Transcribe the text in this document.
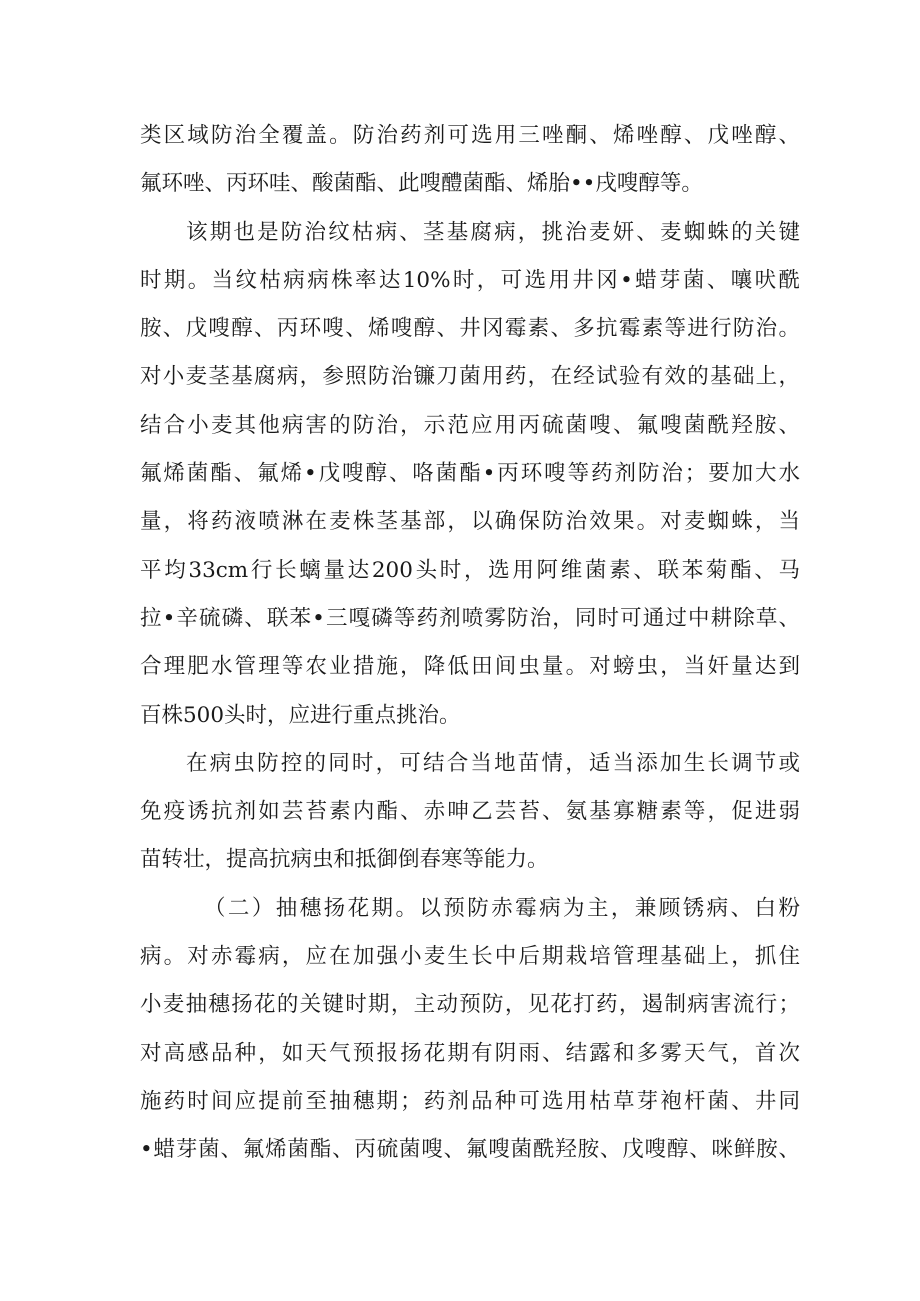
类区域防治全覆盖。防治药剂可选用三唑酮、烯唑醇、戊唑醇、
氟环唑、丙环哇、酸菌酯、此嗖醴菌酯、烯胎••戌嗖醇等。
该期也是防治纹枯病、茎基腐病，挑治麦妍、麦蜘蛛的关键
时期。当纹枯病病株率达10%时，可选用井冈•蜡芽菌、嚷吠酰
胺、戊嗖醇、丙环嗖、烯嗖醇、井冈霉素、多抗霉素等进行防治。
对小麦茎基腐病，参照防治镰刀菌用药，在经试验有效的基础上，
结合小麦其他病害的防治，示范应用丙硫菌嗖、氟嗖菌酰羟胺、
氟烯菌酯、氟烯•戊嗖醇、咯菌酯•丙环嗖等药剂防治；要加大水
量，将药液喷淋在麦株茎基部，以确保防治效果。对麦蜘蛛，当
平均33cm行长螭量达200头时，选用阿维菌素、联苯菊酯、马
拉•辛硫磷、联苯•三嘎磷等药剂喷雾防治，同时可通过中耕除草、
合理肥水管理等农业措施，降低田间虫量。对螃虫，当奸量达到
百株500头时，应进行重点挑治。
在病虫防控的同时，可结合当地苗情，适当添加生长调节或
免疫诱抗剂如芸苔素内酯、赤呻乙芸苔、氨基寡糖素等，促进弱
苗转壮，提高抗病虫和抵御倒春寒等能力。
（二）抽穗扬花期。以预防赤霉病为主，兼顾锈病、白粉
病。对赤霉病，应在加强小麦生长中后期栽培管理基础上，抓住
小麦抽穗扬花的关键时期，主动预防，见花打药，遏制病害流行；
对高感品种，如天气预报扬花期有阴雨、结露和多雾天气，首次
施药时间应提前至抽穗期；药剂品种可选用枯草芽袍杆菌、井同
•蜡芽菌、氟烯菌酯、丙硫菌嗖、氟嗖菌酰羟胺、戊嗖醇、咪鲜胺、
